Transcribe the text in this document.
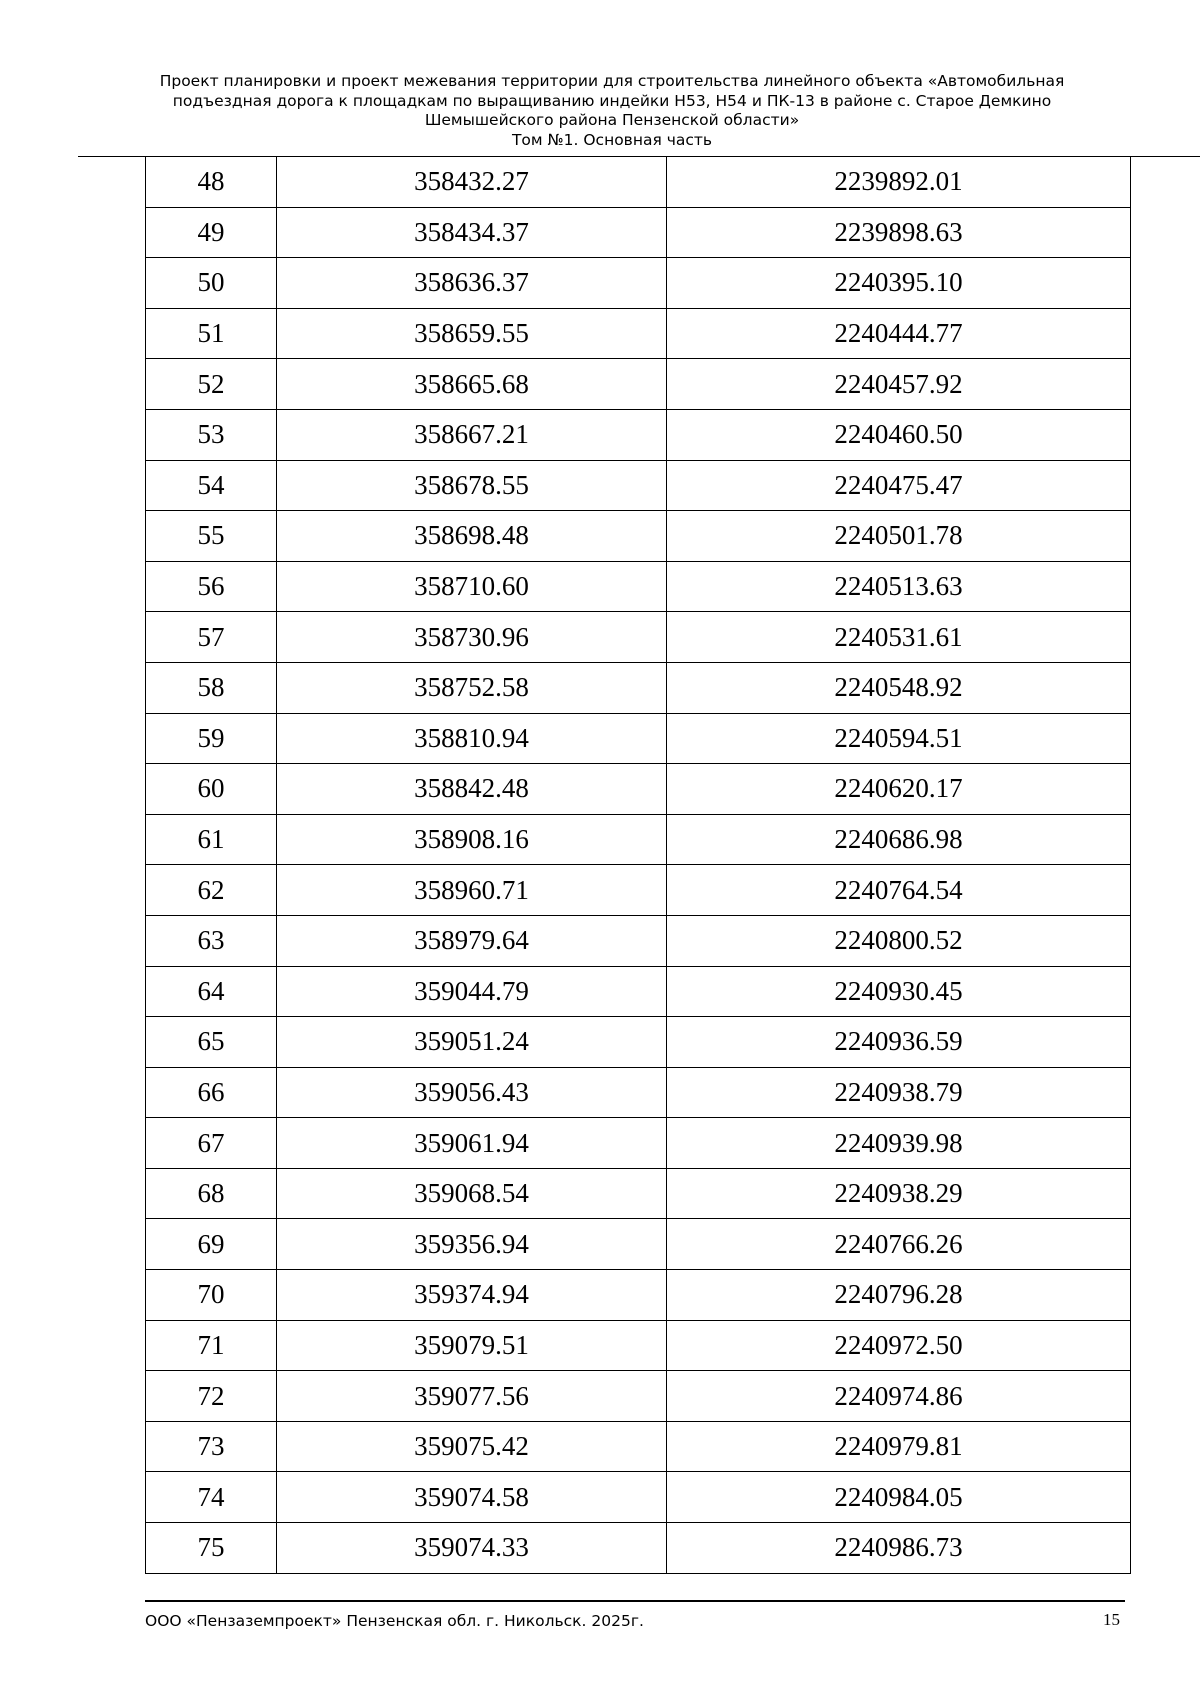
Проект планировки и проект межевания территории для строительства линейного объекта «Автомобильная
подъездная дорога к площадкам по выращиванию индейки Н53, Н54 и ПК-13 в районе с. Старое Демкино
Шемышейского района Пензенской области»
Том №1. Основная часть
48	358432.27	2239892.01
49	358434.37	2239898.63
50	358636.37	2240395.10
51	358659.55	2240444.77
52	358665.68	2240457.92
53	358667.21	2240460.50
54	358678.55	2240475.47
55	358698.48	2240501.78
56	358710.60	2240513.63
57	358730.96	2240531.61
58	358752.58	2240548.92
59	358810.94	2240594.51
60	358842.48	2240620.17
61	358908.16	2240686.98
62	358960.71	2240764.54
63	358979.64	2240800.52
64	359044.79	2240930.45
65	359051.24	2240936.59
66	359056.43	2240938.79
67	359061.94	2240939.98
68	359068.54	2240938.29
69	359356.94	2240766.26
70	359374.94	2240796.28
71	359079.51	2240972.50
72	359077.56	2240974.86
73	359075.42	2240979.81
74	359074.58	2240984.05
75	359074.33	2240986.73
ООО «Пензаземпроект» Пензенская обл. г. Никольск. 2025г.	15
